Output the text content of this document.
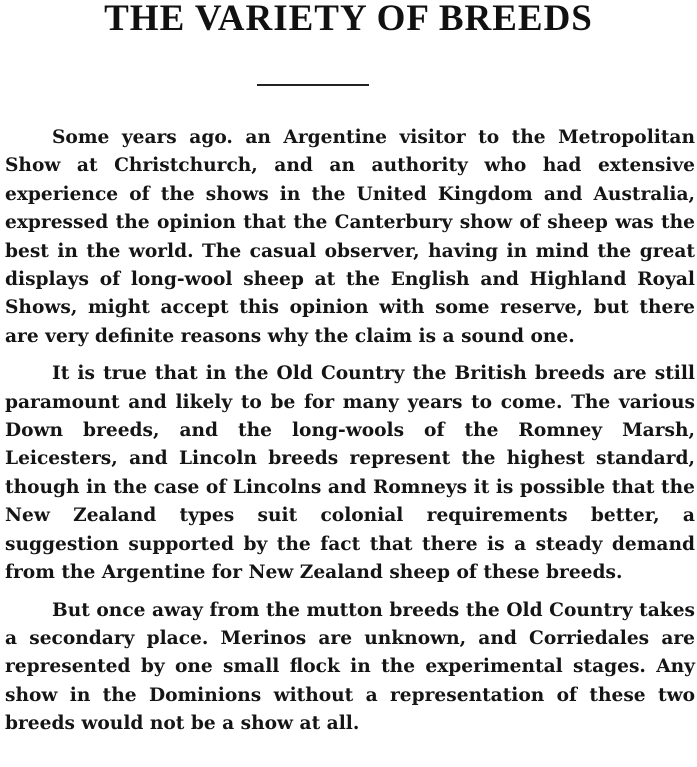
THE VARIETY OF BREEDS

Some years ago. an Argentine visitor to the Metropolitan Show at Christchurch, and an authority who had extensive experience of the shows in the United Kingdom and Australia, expressed the opinion that the Canterbury show of sheep was the best in the world. The casual observer, having in mind the great displays of long-wool sheep at the English and Highland Royal Shows, might accept this opinion with some reserve, but there are very definite reasons why the claim is a sound one.

It is true that in the Old Country the British breeds are still paramount and likely to be for many years to come. The various Down breeds, and the long-wools of the Romney Marsh, Leicesters, and Lincoln breeds represent the highest standard, though in the case of Lincolns and Romneys it is possible that the New Zealand types suit colonial requirements better, a suggestion supported by the fact that there is a steady demand from the Argentine for New Zealand sheep of these breeds.

But once away from the mutton breeds the Old Country takes a secondary place. Merinos are unknown, and Corriedales are represented by one small flock in the experimental stages. Any show in the Dominions without a representation of these two breeds would not be a show at all.
